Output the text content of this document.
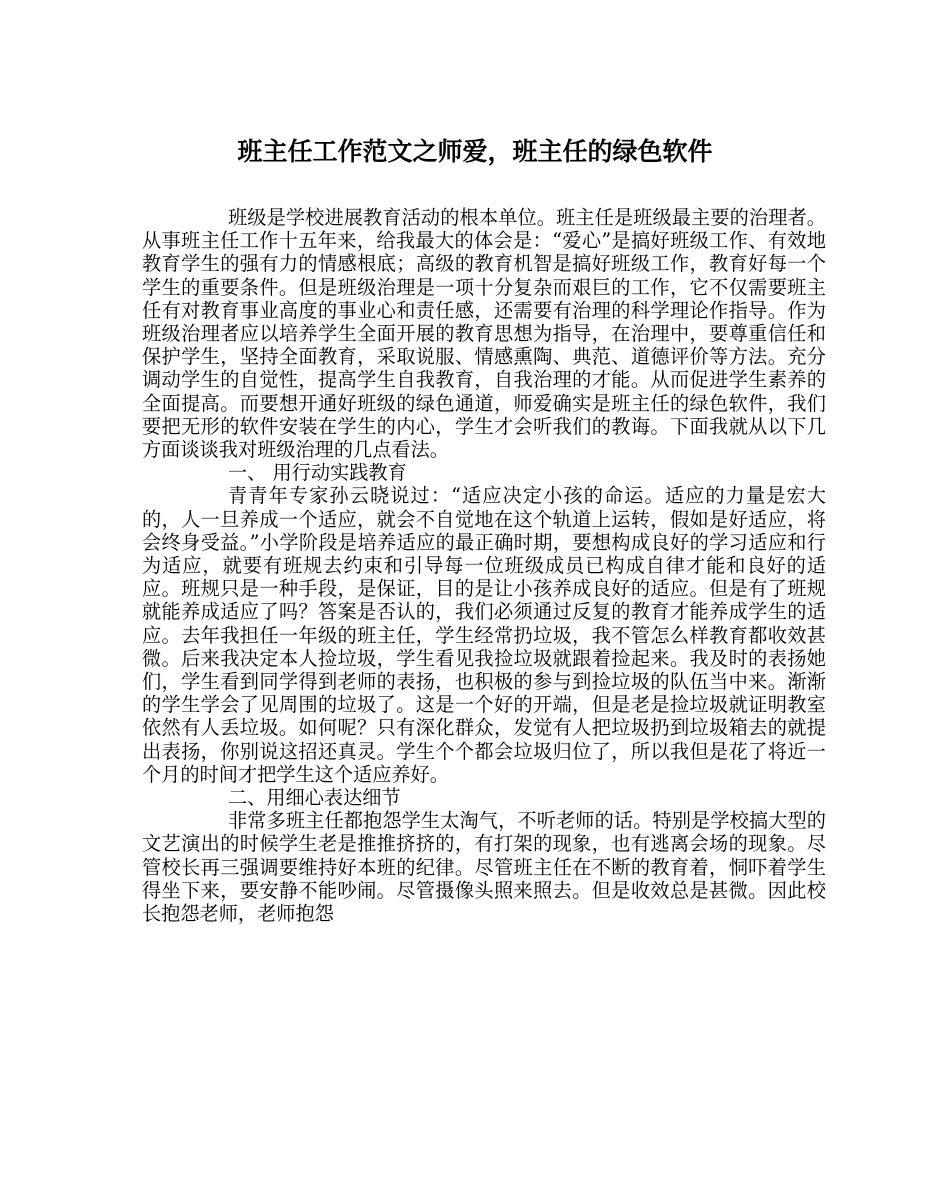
班主任工作范文之师爱，班主任的绿色软件

班级是学校进展教育活动的根本单位。班主任是班级最主要的治理者。从事班主任工作十五年来，给我最大的体会是：“爱心”是搞好班级工作、有效地教育学生的强有力的情感根底；高级的教育机智是搞好班级工作，教育好每一个学生的重要条件。但是班级治理是一项十分复杂而艰巨的工作，它不仅需要班主任有对教育事业高度的事业心和责任感，还需要有治理的科学理论作指导。作为班级治理者应以培养学生全面开展的教育思想为指导，在治理中，要尊重信任和保护学生，坚持全面教育，采取说服、情感熏陶、典范、道德评价等方法。充分调动学生的自觉性，提高学生自我教育，自我治理的才能。从而促进学生素养的全面提高。而要想开通好班级的绿色通道，师爱确实是班主任的绿色软件，我们要把无形的软件安装在学生的内心，学生才会听我们的教诲。下面我就从以下几方面谈谈我对班级治理的几点看法。

一、 用行动实践教育

青青年专家孙云晓说过：“适应决定小孩的命运。适应的力量是宏大的，人一旦养成一个适应，就会不自觉地在这个轨道上运转，假如是好适应，将会终身受益。”小学阶段是培养适应的最正确时期，要想构成良好的学习适应和行为适应，就要有班规去约束和引导每一位班级成员已构成自律才能和良好的适应。班规只是一种手段，是保证，目的是让小孩养成良好的适应。但是有了班规就能养成适应了吗？答案是否认的，我们必须通过反复的教育才能养成学生的适应。去年我担任一年级的班主任，学生经常扔垃圾，我不管怎么样教育都收效甚微。后来我决定本人捡垃圾，学生看见我捡垃圾就跟着捡起来。我及时的表扬她们，学生看到同学得到老师的表扬，也积极的参与到捡垃圾的队伍当中来。渐渐的学生学会了见周围的垃圾了。这是一个好的开端，但是老是捡垃圾就证明教室依然有人丢垃圾。如何呢？只有深化群众，发觉有人把垃圾扔到垃圾箱去的就提出表扬，你别说这招还真灵。学生个个都会垃圾归位了，所以我但是花了将近一个月的时间才把学生这个适应养好。

二、用细心表达细节

非常多班主任都抱怨学生太淘气，不听老师的话。特别是学校搞大型的文艺演出的时候学生老是推推挤挤的，有打架的现象，也有逃离会场的现象。尽管校长再三强调要维持好本班的纪律。尽管班主任在不断的教育着，恫吓着学生得坐下来，要安静不能吵闹。尽管摄像头照来照去。但是收效总是甚微。因此校长抱怨老师，老师抱怨
